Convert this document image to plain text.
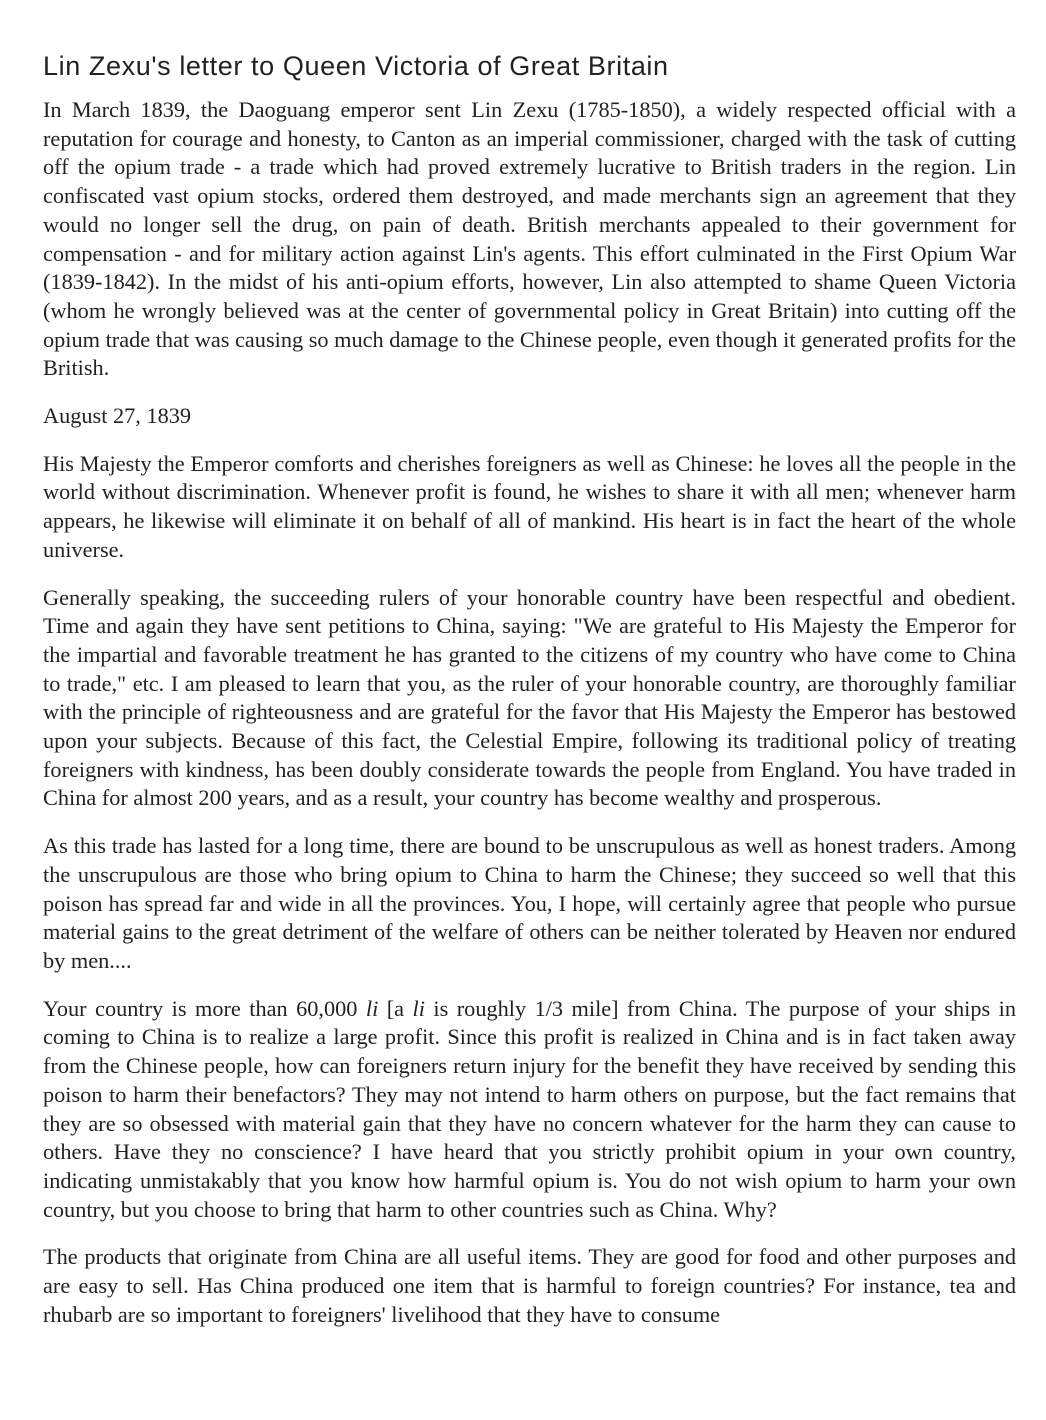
Lin Zexu's letter to Queen Victoria of Great Britain

In March 1839, the Daoguang emperor sent Lin Zexu (1785-1850), a widely respected official with a reputation for courage and honesty, to Canton as an imperial commissioner, charged with the task of cutting off the opium trade - a trade which had proved extremely lucrative to British traders in the region. Lin confiscated vast opium stocks, ordered them destroyed, and made merchants sign an agreement that they would no longer sell the drug, on pain of death. British merchants appealed to their government for compensation - and for military action against Lin's agents. This effort culminated in the First Opium War (1839-1842). In the midst of his anti-opium efforts, however, Lin also attempted to shame Queen Victoria (whom he wrongly believed was at the center of governmental policy in Great Britain) into cutting off the opium trade that was causing so much damage to the Chinese people, even though it generated profits for the British.

August 27, 1839

His Majesty the Emperor comforts and cherishes foreigners as well as Chinese: he loves all the people in the world without discrimination. Whenever profit is found, he wishes to share it with all men; whenever harm appears, he likewise will eliminate it on behalf of all of mankind. His heart is in fact the heart of the whole universe.

Generally speaking, the succeeding rulers of your honorable country have been respectful and obedient. Time and again they have sent petitions to China, saying: "We are grateful to His Majesty the Emperor for the impartial and favorable treatment he has granted to the citizens of my country who have come to China to trade," etc. I am pleased to learn that you, as the ruler of your honorable country, are thoroughly familiar with the principle of righteousness and are grateful for the favor that His Majesty the Emperor has bestowed upon your subjects. Because of this fact, the Celestial Empire, following its traditional policy of treating foreigners with kindness, has been doubly considerate towards the people from England. You have traded in China for almost 200 years, and as a result, your country has become wealthy and prosperous.

As this trade has lasted for a long time, there are bound to be unscrupulous as well as honest traders. Among the unscrupulous are those who bring opium to China to harm the Chinese; they succeed so well that this poison has spread far and wide in all the provinces. You, I hope, will certainly agree that people who pursue material gains to the great detriment of the welfare of others can be neither tolerated by Heaven nor endured by men....

Your country is more than 60,000 li [a li is roughly 1/3 mile] from China. The purpose of your ships in coming to China is to realize a large profit. Since this profit is realized in China and is in fact taken away from the Chinese people, how can foreigners return injury for the benefit they have received by sending this poison to harm their benefactors? They may not intend to harm others on purpose, but the fact remains that they are so obsessed with material gain that they have no concern whatever for the harm they can cause to others. Have they no conscience? I have heard that you strictly prohibit opium in your own country, indicating unmistakably that you know how harmful opium is. You do not wish opium to harm your own country, but you choose to bring that harm to other countries such as China. Why?

The products that originate from China are all useful items. They are good for food and other purposes and are easy to sell. Has China produced one item that is harmful to foreign countries? For instance, tea and rhubarb are so important to foreigners' livelihood that they have to consume
